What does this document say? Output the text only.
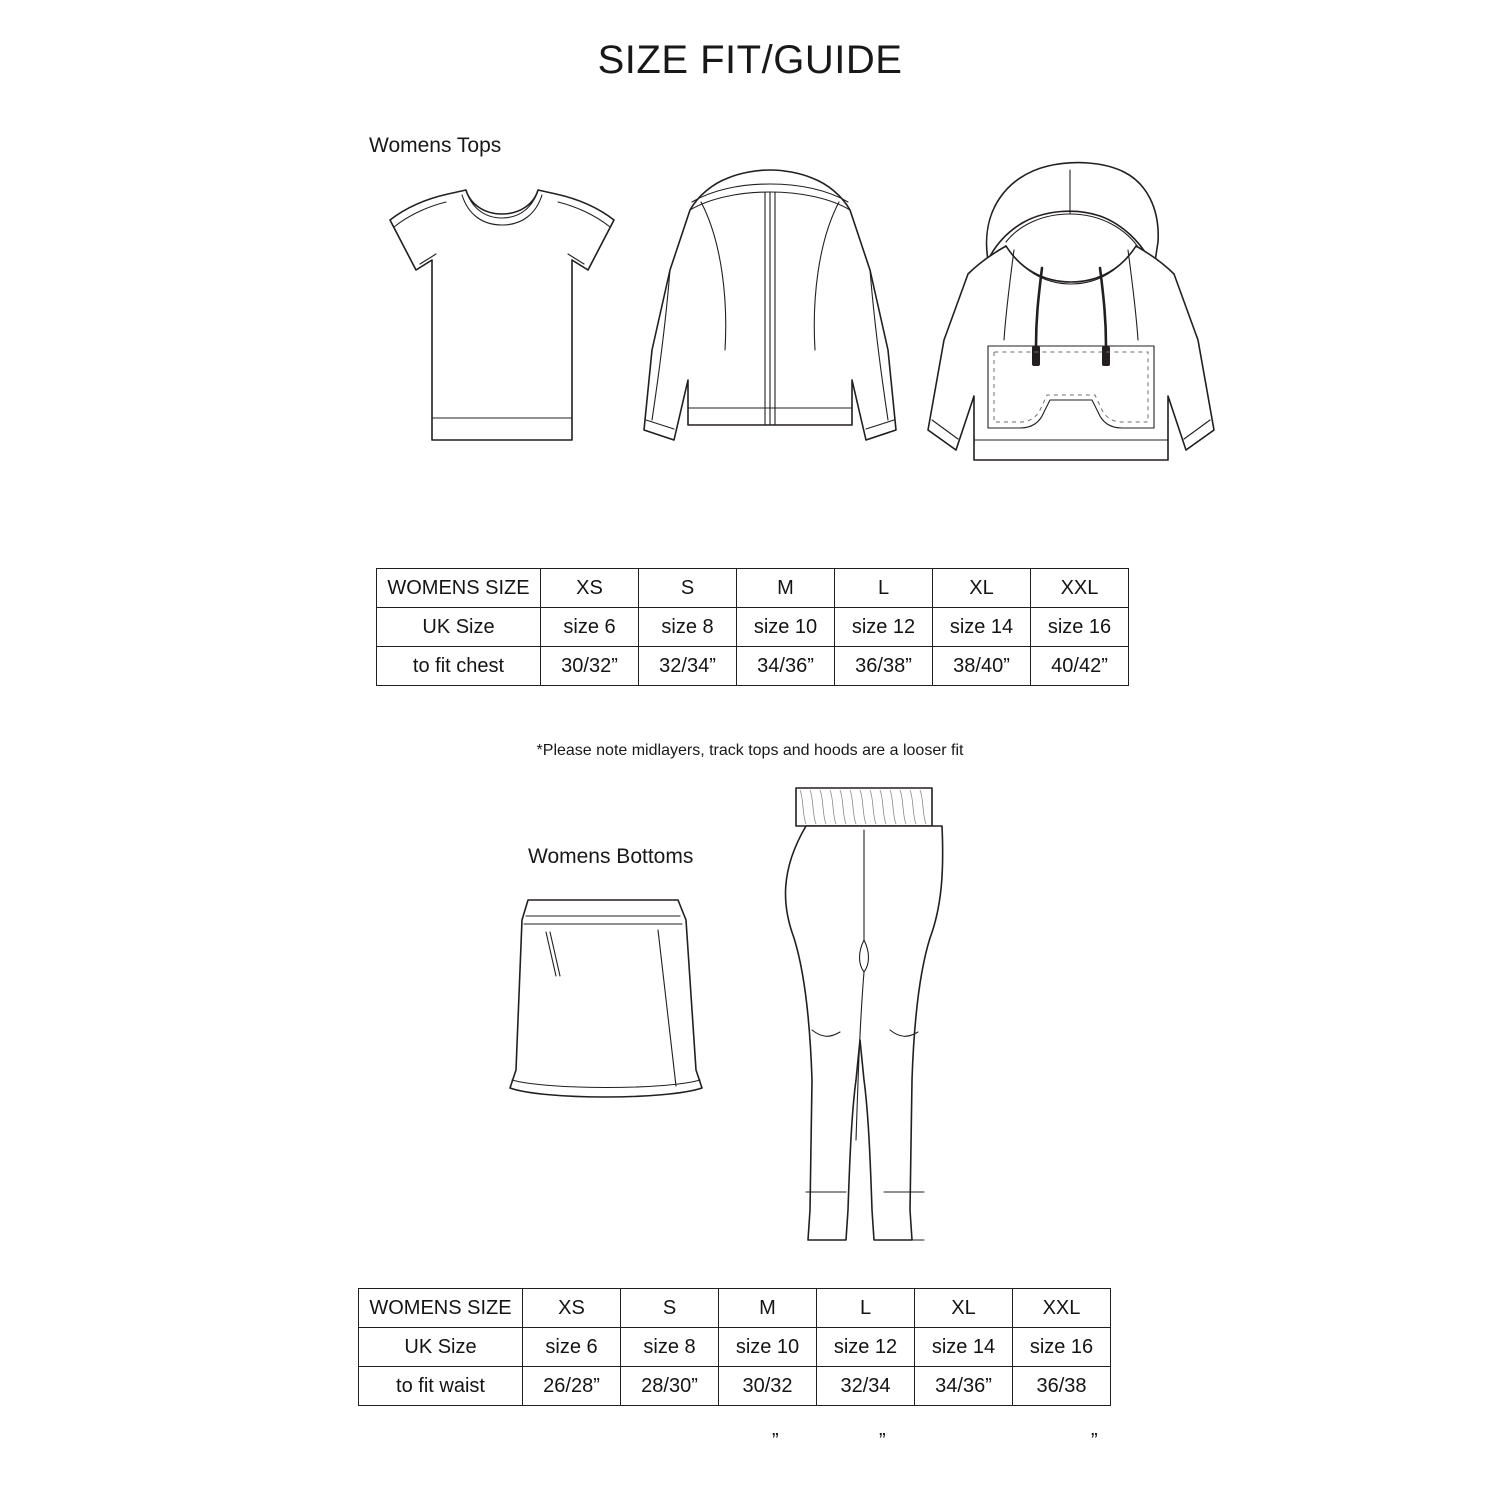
SIZE FIT/GUIDE
Womens Tops
WOMENS SIZE	XS	S	M	L	XL	XXL
UK Size	size 6	size 8	size 10	size 12	size 14	size 16
to fit chest	30/32”	32/34”	34/36”	36/38”	38/40”	40/42”
*Please note midlayers, track tops and hoods are a looser fit
Womens Bottoms
WOMENS SIZE	XS	S	M	L	XL	XXL
UK Size	size 6	size 8	size 10	size 12	size 14	size 16
to fit waist	26/28”	28/30”	30/32	32/34	34/36”	36/38
”	”	”
